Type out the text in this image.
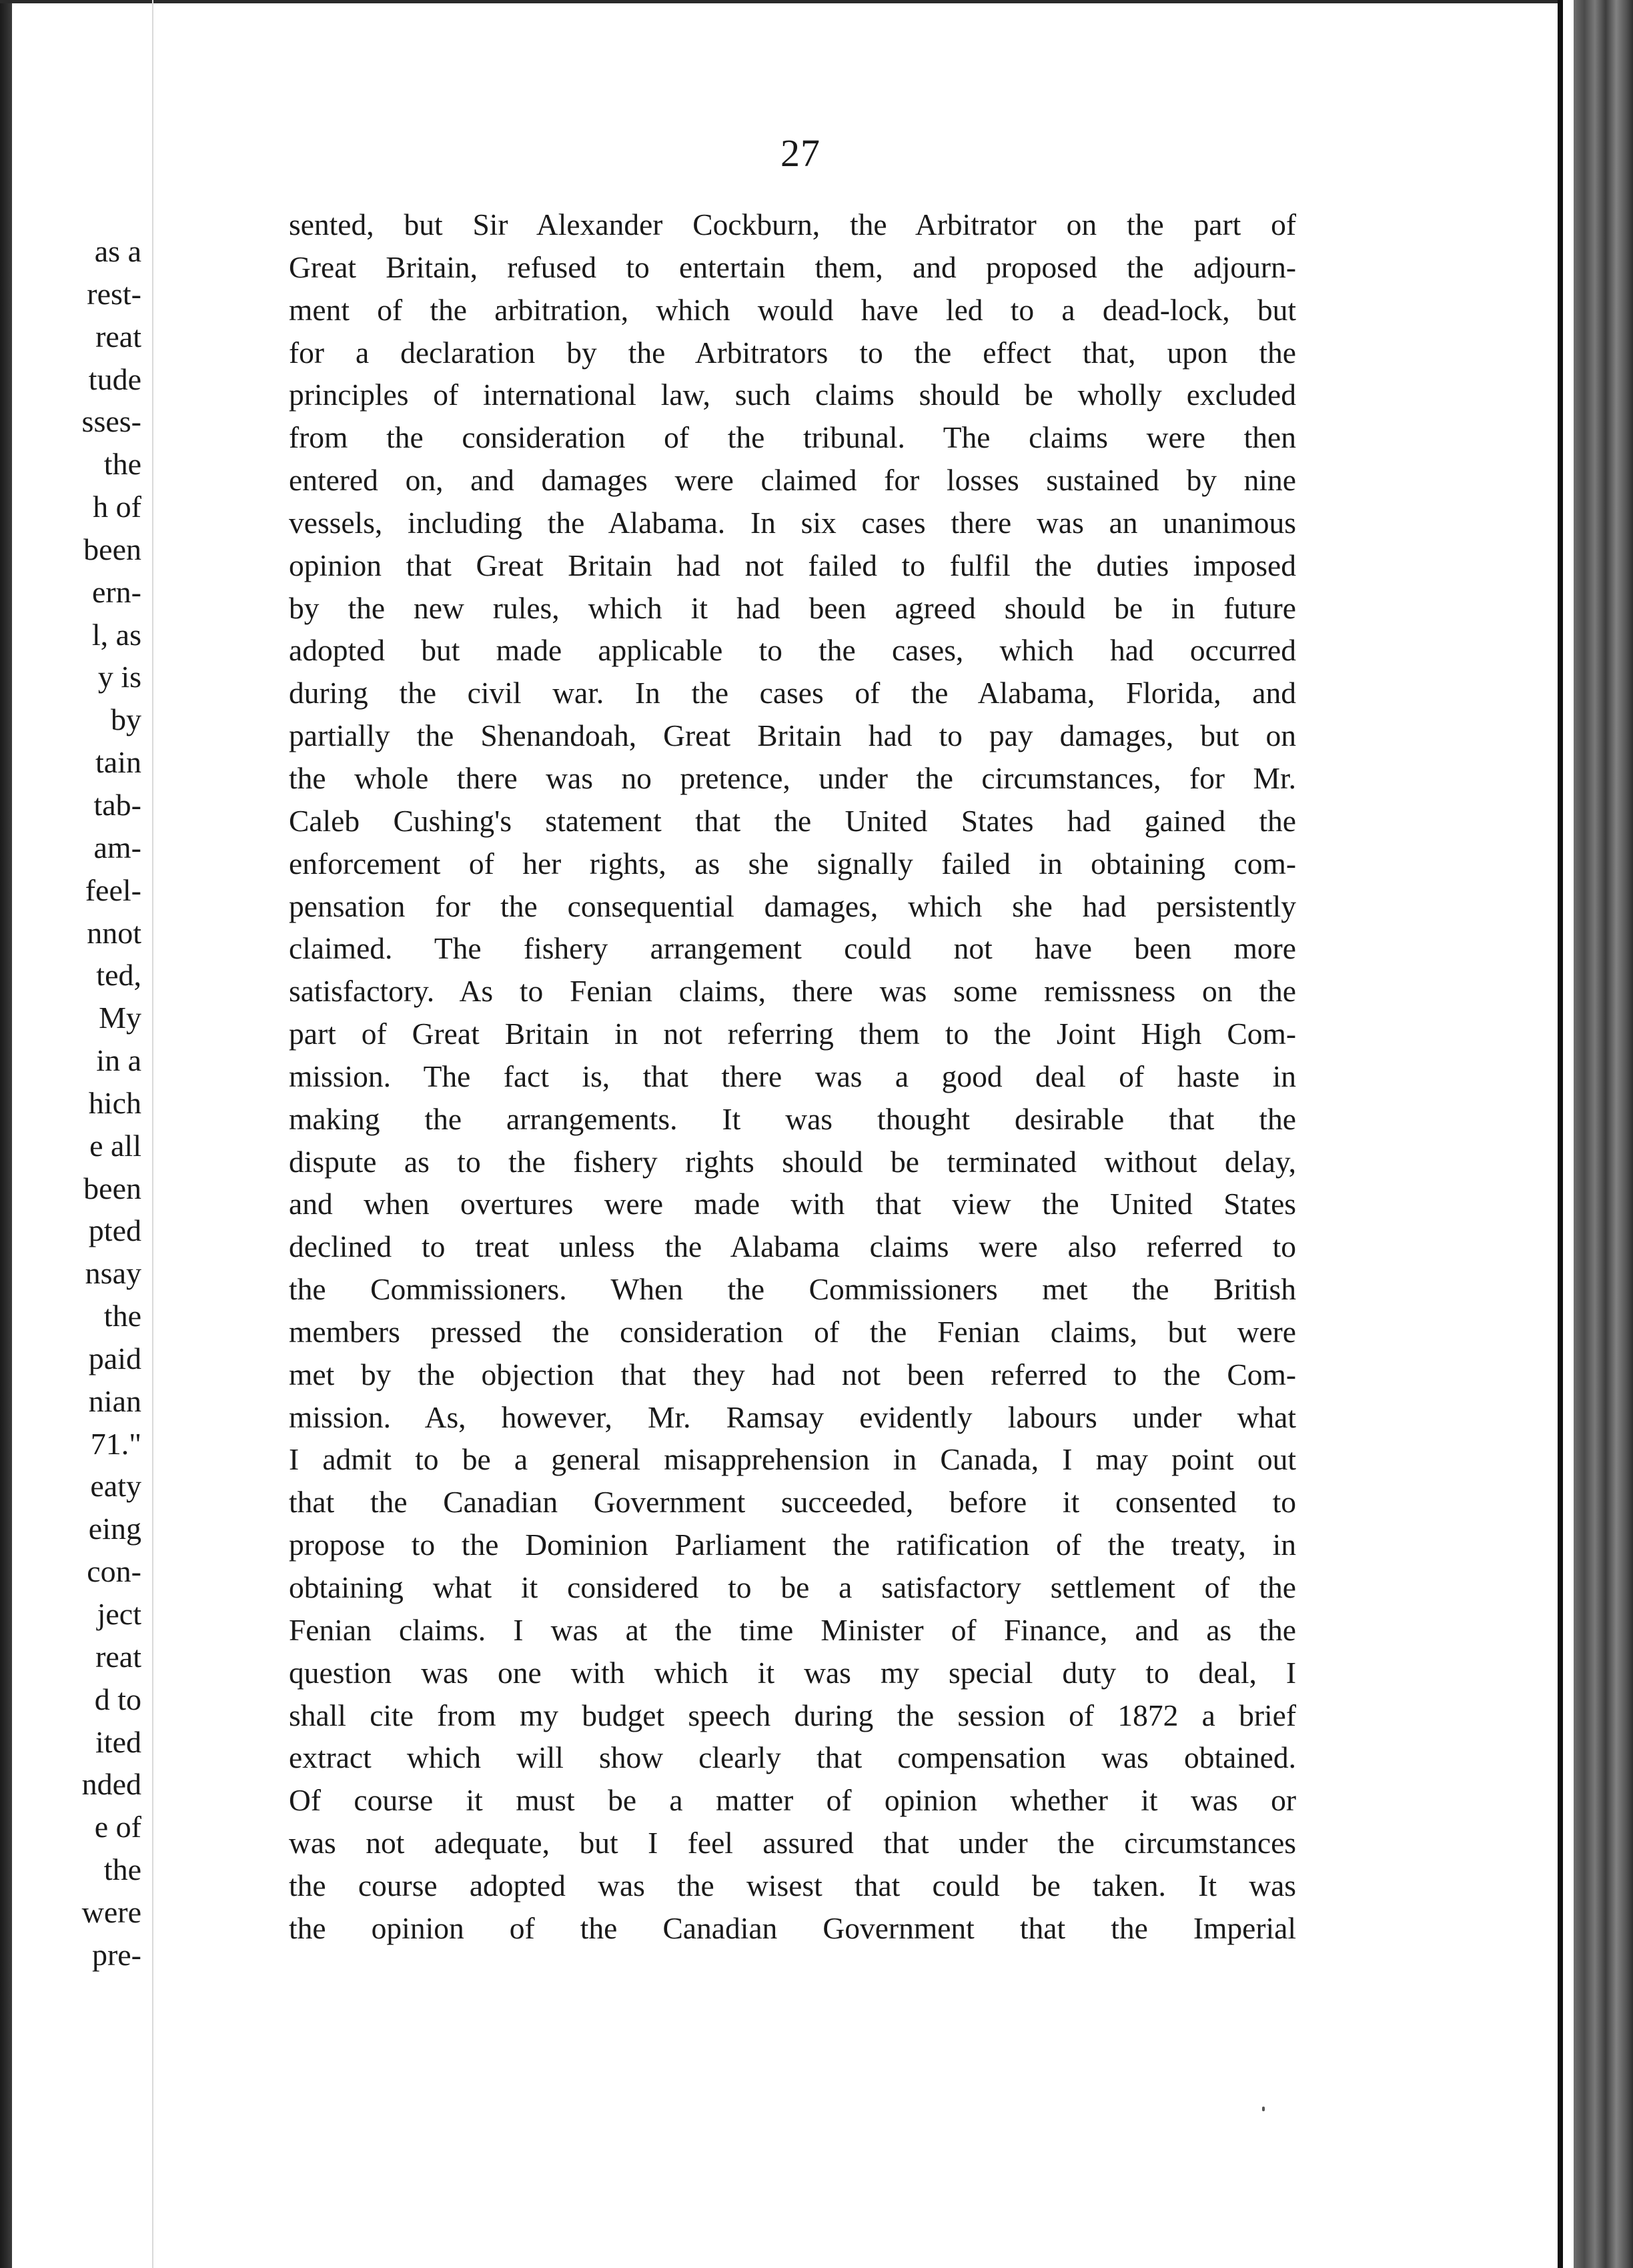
as a
rest-
reat
tude
sses-
the
h of
been
ern-
l, as
y is
by
tain
tab-
am-
feel-
nnot
ted,
My
in a
hich
e all
been
pted
nsay
the
paid
nian
71."
eaty
eing
con-
ject
reat
d to
ited
nded
e of
the
were
pre-
27
sented, but Sir Alexander Cockburn, the Arbitrator on the part of
Great Britain, refused to entertain them, and proposed the adjourn-
ment of the arbitration, which would have led to a dead-lock, but
for a declaration by the Arbitrators to the effect that, upon the
principles of international law, such claims should be wholly excluded
from the consideration of the tribunal. The claims were then
entered on, and damages were claimed for losses sustained by nine
vessels, including the Alabama. In six cases there was an unanimous
opinion that Great Britain had not failed to fulfil the duties imposed
by the new rules, which it had been agreed should be in future
adopted but made applicable to the cases, which had occurred
during the civil war. In the cases of the Alabama, Florida, and
partially the Shenandoah, Great Britain had to pay damages, but on
the whole there was no pretence, under the circumstances, for Mr.
Caleb Cushing's statement that the United States had gained the
enforcement of her rights, as she signally failed in obtaining com-
pensation for the consequential damages, which she had persistently
claimed. The fishery arrangement could not have been more
satisfactory. As to Fenian claims, there was some remissness on the
part of Great Britain in not referring them to the Joint High Com-
mission. The fact is, that there was a good deal of haste in
making the arrangements. It was thought desirable that the
dispute as to the fishery rights should be terminated without delay,
and when overtures were made with that view the United States
declined to treat unless the Alabama claims were also referred to
the Commissioners. When the Commissioners met the British
members pressed the consideration of the Fenian claims, but were
met by the objection that they had not been referred to the Com-
mission. As, however, Mr. Ramsay evidently labours under what
I admit to be a general misapprehension in Canada, I may point out
that the Canadian Government succeeded, before it consented to
propose to the Dominion Parliament the ratification of the treaty, in
obtaining what it considered to be a satisfactory settlement of the
Fenian claims. I was at the time Minister of Finance, and as the
question was one with which it was my special duty to deal, I
shall cite from my budget speech during the session of 1872 a brief
extract which will show clearly that compensation was obtained.
Of course it must be a matter of opinion whether it was or
was not adequate, but I feel assured that under the circumstances
the course adopted was the wisest that could be taken. It was
the opinion of the Canadian Government that the Imperial
